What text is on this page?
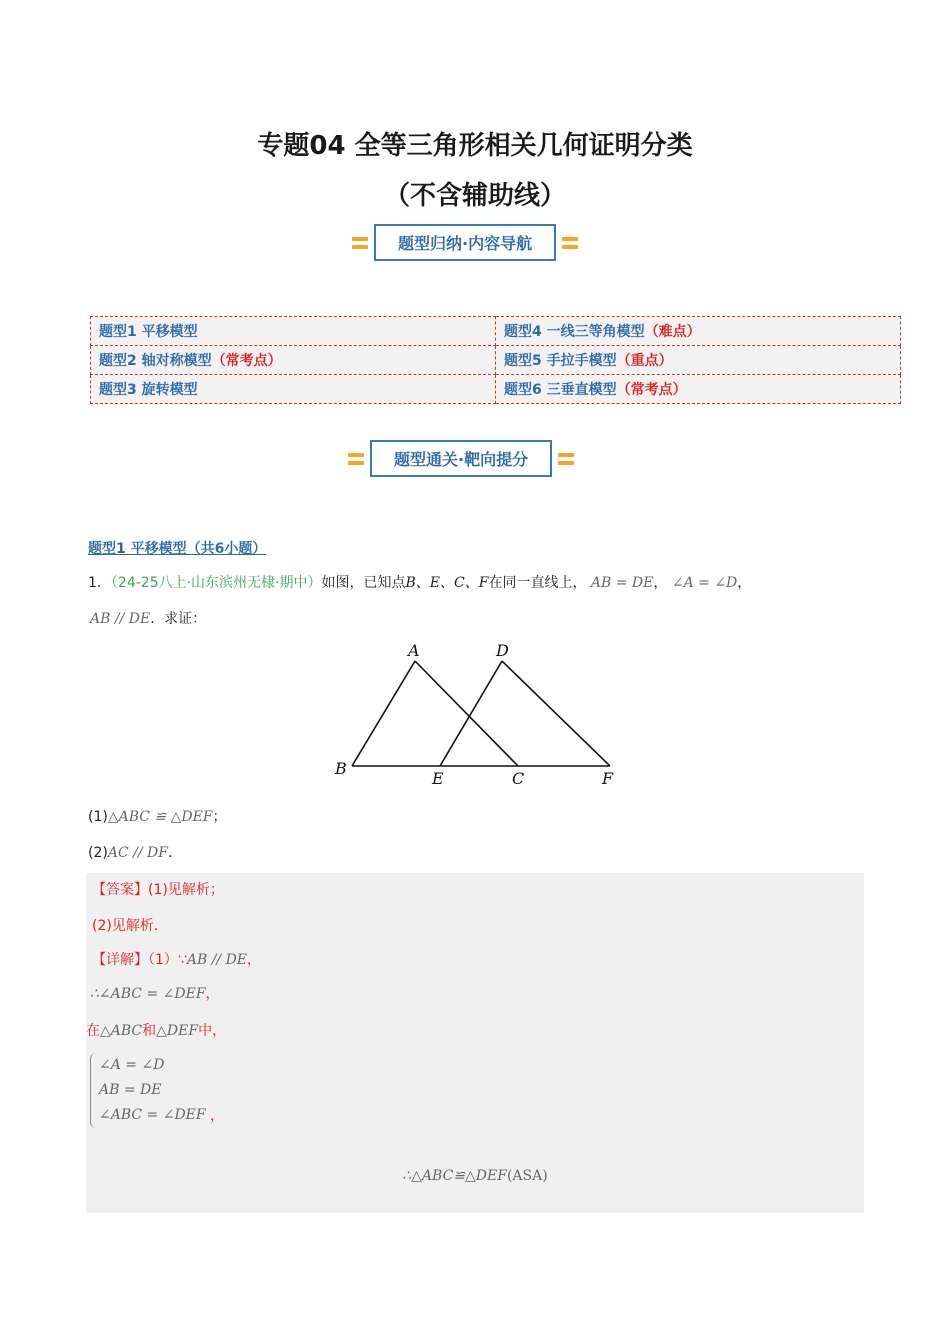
专题04 全等三角形相关几何证明分类
（不含辅助线）
题型归纳·内容导航
题型1 平移模型	题型4 一线三等角模型（难点）
题型2 轴对称模型（常考点）	题型5 手拉手模型（重点）
题型3 旋转模型	题型6 三垂直模型（常考点）
题型通关·靶向提分
题型1 平移模型（共6小题）
1．（24-25八上·山东滨州无棣·期中）如图，已知点B、E、C、F在同一直线上， AB = DE， ∠A = ∠D，
AB // DE．求证：
A	D
B
E	C	F
(1)△ABC ≌ △DEF；
(2)AC // DF．
【答案】(1)见解析；
(2)见解析．
【详解】（1）∵AB // DE，
∴∠ABC = ∠DEF，
在△ABC和△DEF中，
∠A = ∠D
AB = DE
∠ABC = ∠DEF ，
∴△ABC≌△DEF(ASA)
